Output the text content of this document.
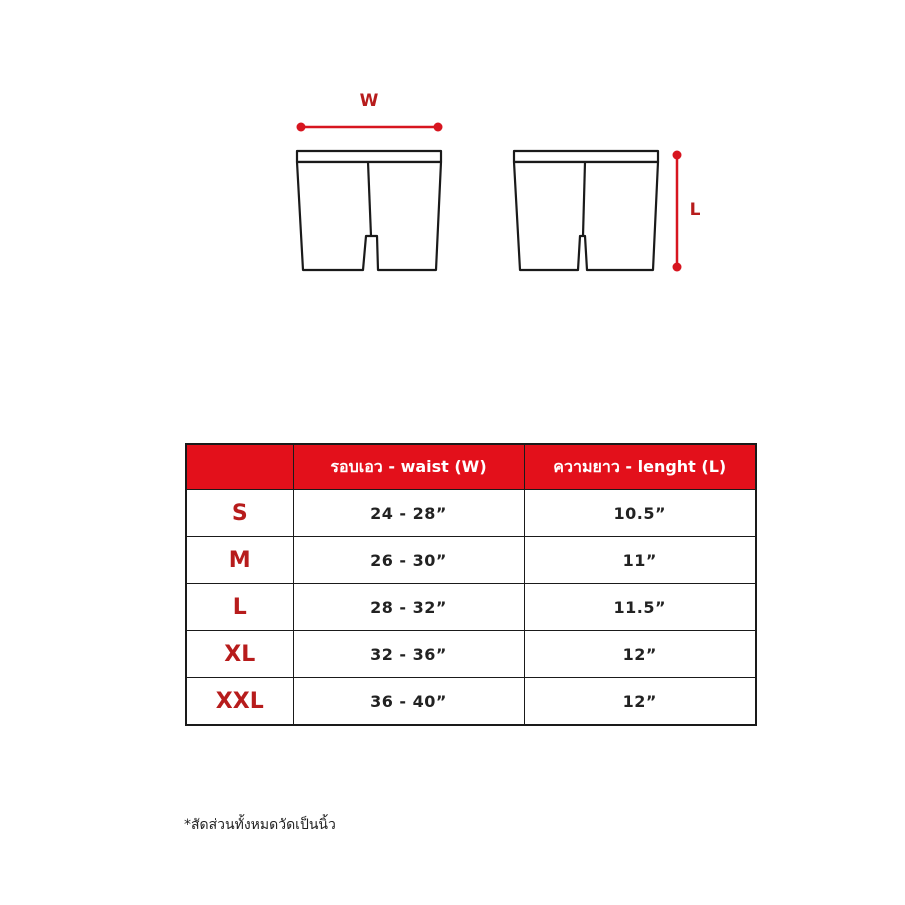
W
L
	รอบเอว - waist (W)	ความยาว - lenght (L)
S	24 - 28”	10.5”
M	26 - 30”	11”
L	28 - 32”	11.5”
XL	32 - 36”	12”
XXL	36 - 40”	12”
*สัดส่วนทั้งหมดวัดเป็นนิ้ว
